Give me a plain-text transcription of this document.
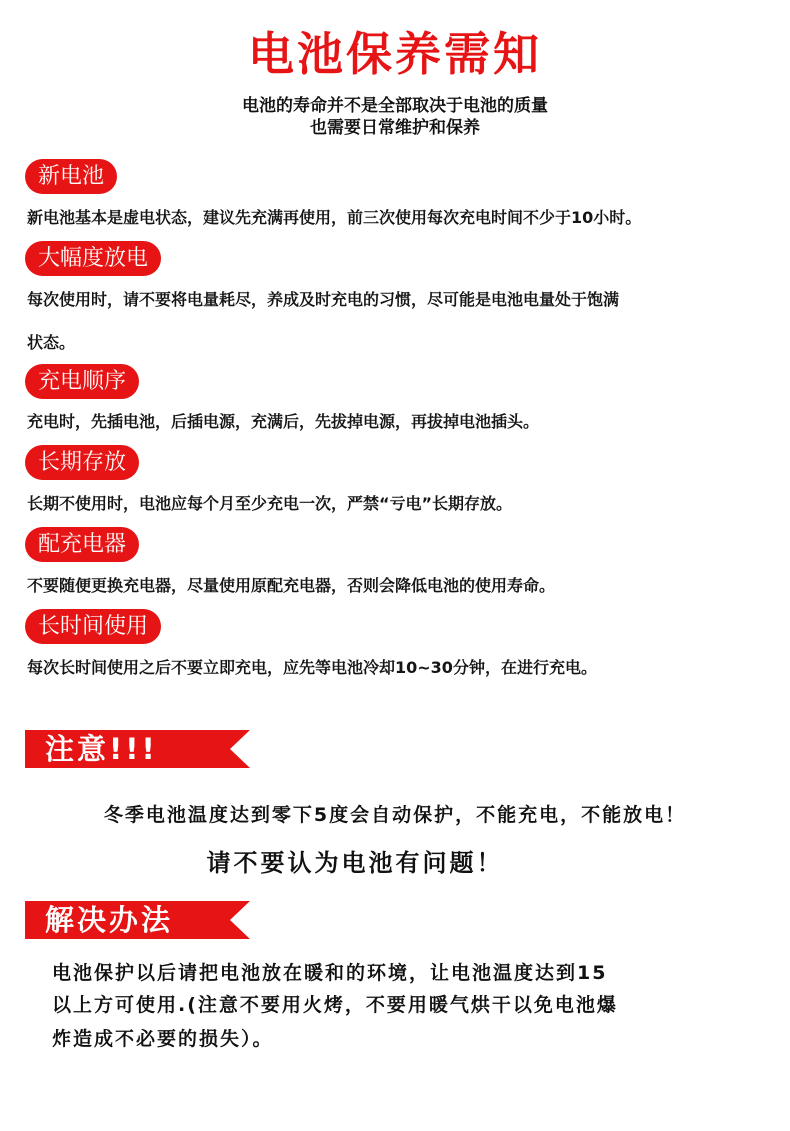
电池保养需知
电池的寿命并不是全部取决于电池的质量
也需要日常维护和保养
新电池
新电池基本是虚电状态，建议先充满再使用，前三次使用每次充电时间不少于10小时。
大幅度放电
每次使用时，请不要将电量耗尽，养成及时充电的习惯，尽可能是电池电量处于饱满
状态。
充电顺序
充电时，先插电池，后插电源，充满后，先拔掉电源，再拔掉电池插头。
长期存放
长期不使用时，电池应每个月至少充电一次，严禁“亏电”长期存放。
配充电器
不要随便更换充电器，尽量使用原配充电器，否则会降低电池的使用寿命。
长时间使用
每次长时间使用之后不要立即充电，应先等电池冷却10~30分钟，在进行充电。
注意!!!
冬季电池温度达到零下5度会自动保护，不能充电，不能放电！
请不要认为电池有问题！
解决办法
电池保护以后请把电池放在暖和的环境，让电池温度达到15
以上方可使用.(注意不要用火烤，不要用暖气烘干以免电池爆
炸造成不必要的损失）。
